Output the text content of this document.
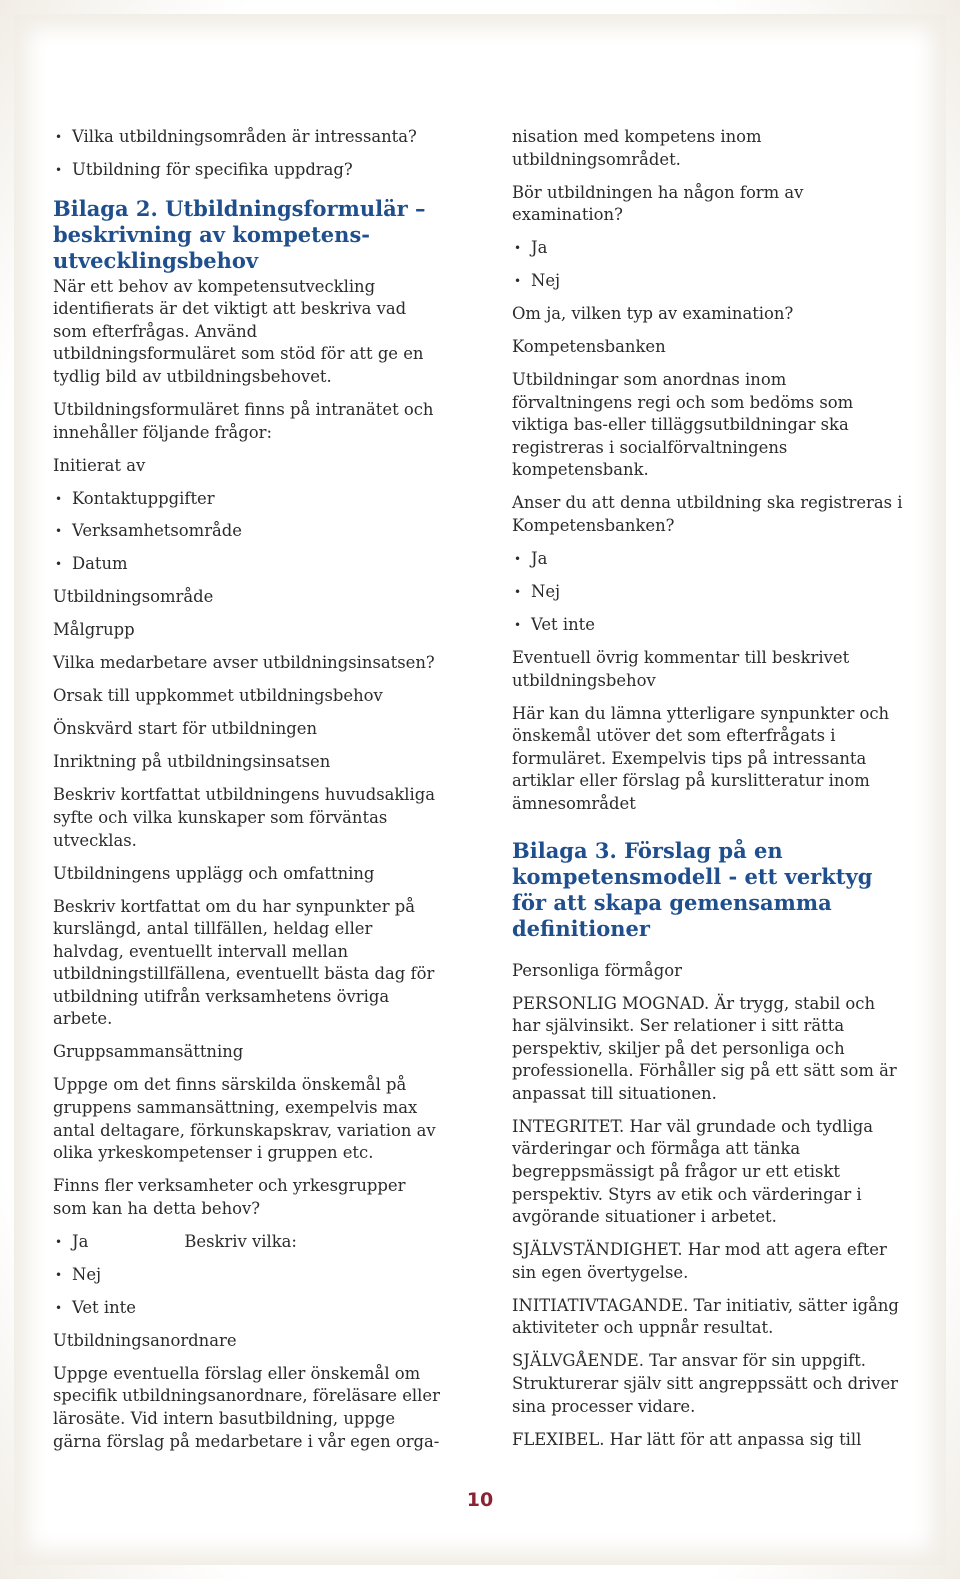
• Vilka utbildningsområden är intressanta?
• Utbildning för specifika uppdrag?
Bilaga 2. Utbildningsformulär – beskrivning av kompetensutvecklingsbehov

När ett behov av kompetensutveckling identifierats är det viktigt att beskriva vad som efterfrågas. Använd utbildningsformuläret som stöd för att ge en tydlig bild av utbildningsbehovet.

Utbildningsformuläret finns på intranätet och innehåller följande frågor:

Initierat av

• Kontaktuppgifter
• Verksamhetsområde
• Datum

Utbildningsområde

Målgrupp

Vilka medarbetare avser utbildningsinsatsen?

Orsak till uppkommet utbildningsbehov

Önskvärd start för utbildningen

Inriktning på utbildningsinsatsen

Beskriv kortfattat utbildningens huvudsakliga syfte och vilka kunskaper som förväntas utvecklas.

Utbildningens upplägg och omfattning

Beskriv kortfattat om du har synpunkter på kurslängd, antal tillfällen, heldag eller halvdag, eventuellt intervall mellan utbildningstillfällena, eventuellt bästa dag för utbildning utifrån verksamhetens övriga arbete.

Gruppsammansättning

Uppge om det finns särskilda önskemål på gruppens sammansättning, exempelvis max antal deltagare, förkunskapskrav, variation av olika yrkeskompetenser i gruppen etc.

Finns fler verksamheter och yrkesgrupper som kan ha detta behov?

• Ja	Beskriv vilka:
• Nej
• Vet inte

Utbildningsanordnare

Uppge eventuella förslag eller önskemål om specifik utbildningsanordnare, föreläsare eller lärosäte. Vid intern basutbildning, uppge gärna förslag på medarbetare i vår egen orga-

nisation med kompetens inom utbildningsområdet.

Bör utbildningen ha någon form av examination?

• Ja
• Nej

Om ja, vilken typ av examination?

Kompetensbanken

Utbildningar som anordnas inom förvaltningens regi och som bedöms som viktiga bas-eller tilläggsutbildningar ska registreras i socialförvaltningens kompetensbank.

Anser du att denna utbildning ska registreras i Kompetensbanken?

• Ja
• Nej
• Vet inte

Eventuell övrig kommentar till beskrivet utbildningsbehov

Här kan du lämna ytterligare synpunkter och önskemål utöver det som efterfrågats i formuläret. Exempelvis tips på intressanta artiklar eller förslag på kurslitteratur inom ämnesområdet

Bilaga 3. Förslag på en kompetensmodell - ett verktyg för att skapa gemensamma definitioner

Personliga förmågor

PERSONLIG MOGNAD. Är trygg, stabil och har självinsikt. Ser relationer i sitt rätta perspektiv, skiljer på det personliga och professionella. Förhåller sig på ett sätt som är anpassat till situationen.

INTEGRITET. Har väl grundade och tydliga värderingar och förmåga att tänka begreppsmässigt på frågor ur ett etiskt perspektiv. Styrs av etik och värderingar i avgörande situationer i arbetet.

SJÄLVSTÄNDIGHET. Har mod att agera efter sin egen övertygelse.

INITIATIVTAGANDE. Tar initiativ, sätter igång aktiviteter och uppnår resultat.

SJÄLVGÅENDE. Tar ansvar för sin uppgift. Strukturerar själv sitt angreppssätt och driver sina processer vidare.

FLEXIBEL. Har lätt för att anpassa sig till

10
